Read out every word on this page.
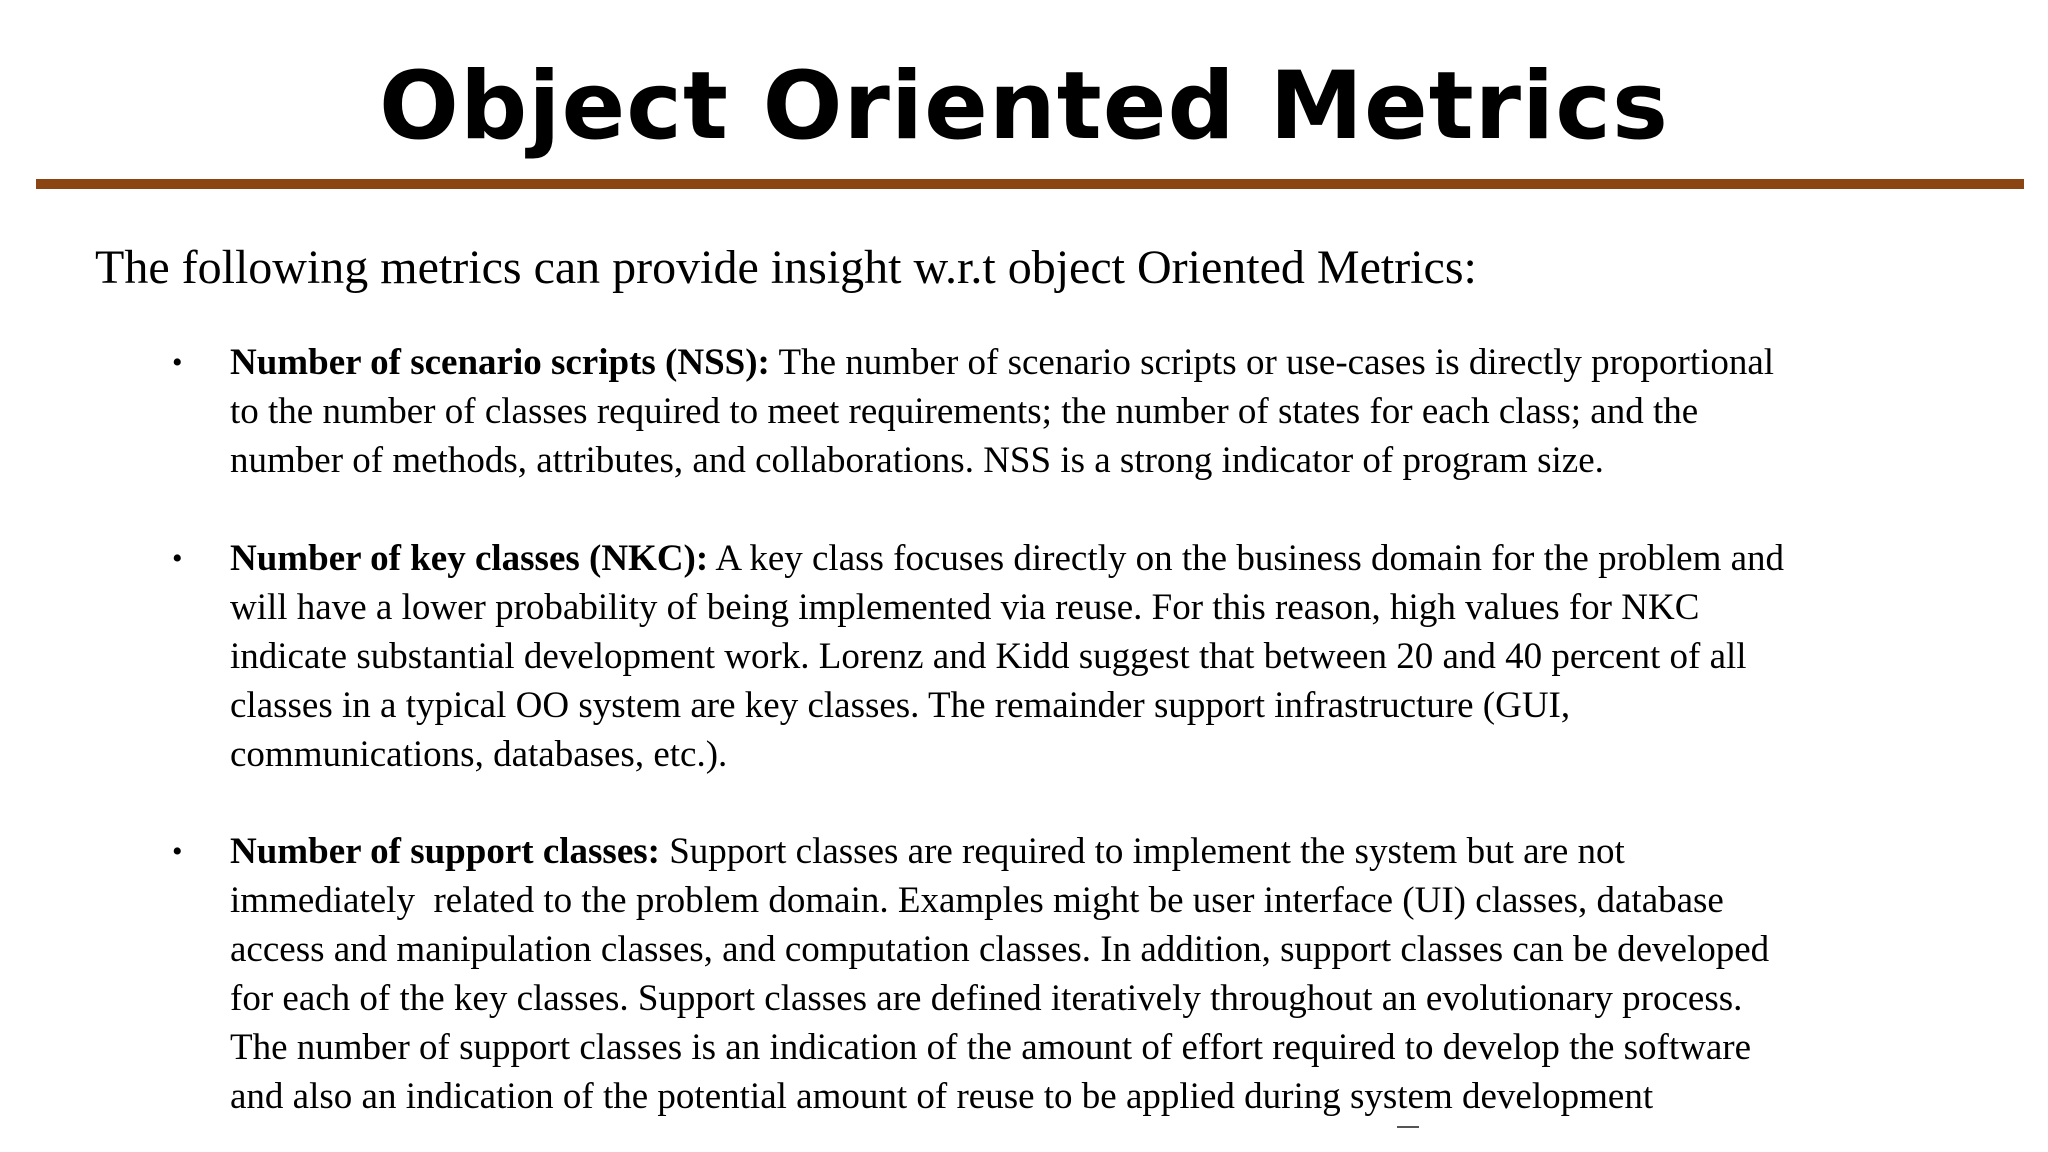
Object Oriented Metrics

The following metrics can provide insight w.r.t object Oriented Metrics:

•	Number of scenario scripts (NSS): The number of scenario scripts or use-cases is directly proportional
to the number of classes required to meet requirements; the number of states for each class; and the
number of methods, attributes, and collaborations. NSS is a strong indicator of program size.
•	Number of key classes (NKC): A key class focuses directly on the business domain for the problem and
will have a lower probability of being implemented via reuse. For this reason, high values for NKC
indicate substantial development work. Lorenz and Kidd suggest that between 20 and 40 percent of all
classes in a typical OO system are key classes. The remainder support infrastructure (GUI,
communications, databases, etc.).
•	Number of support classes: Support classes are required to implement the system but are not
immediately  related to the problem domain. Examples might be user interface (UI) classes, database
access and manipulation classes, and computation classes. In addition, support classes can be developed
for each of the key classes. Support classes are defined iteratively throughout an evolutionary process.
The number of support classes is an indication of the amount of effort required to develop the software
and also an indication of the potential amount of reuse to be applied during system development
